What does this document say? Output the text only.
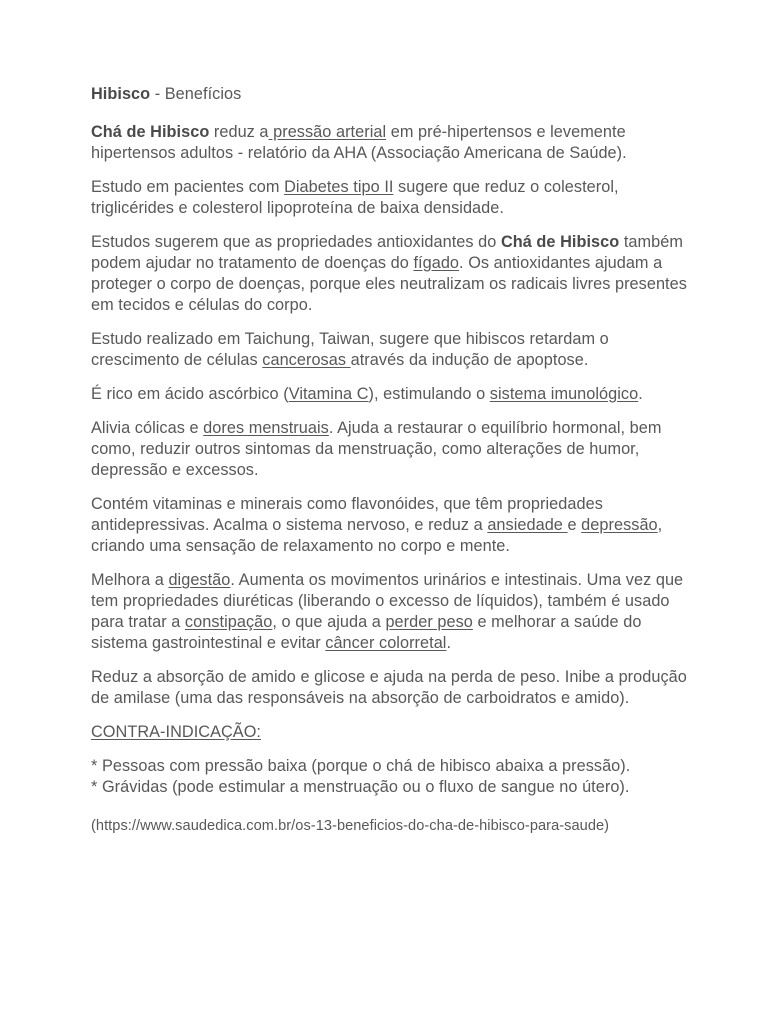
Hibisco - Benefícios

Chá de Hibisco reduz a pressão arterial em pré-hipertensos e levemente hipertensos adultos - relatório da AHA (Associação Americana de Saúde).

Estudo em pacientes com Diabetes tipo II sugere que reduz o colesterol, triglicérides e colesterol lipoproteína de baixa densidade.

Estudos sugerem que as propriedades antioxidantes do Chá de Hibisco também podem ajudar no tratamento de doenças do fígado. Os antioxidantes ajudam a proteger o corpo de doenças, porque eles neutralizam os radicais livres presentes em tecidos e células do corpo.

Estudo realizado em Taichung, Taiwan, sugere que hibiscos retardam o crescimento de células cancerosas através da indução de apoptose.

É rico em ácido ascórbico (Vitamina C), estimulando o sistema imunológico.

Alivia cólicas e dores menstruais. Ajuda a restaurar o equilíbrio hormonal, bem como, reduzir outros sintomas da menstruação, como alterações de humor, depressão e excessos.

Contém vitaminas e minerais como flavonóides, que têm propriedades antidepressivas. Acalma o sistema nervoso, e reduz a ansiedade e depressão, criando uma sensação de relaxamento no corpo e mente.

Melhora a digestão. Aumenta os movimentos urinários e intestinais. Uma vez que tem propriedades diuréticas (liberando o excesso de líquidos), também é usado para tratar a constipação, o que ajuda a perder peso e melhorar a saúde do sistema gastrointestinal e evitar câncer colorretal.

Reduz a absorção de amido e glicose e ajuda na perda de peso. Inibe a produção de amilase (uma das responsáveis na absorção de carboidratos e amido).

CONTRA-INDICAÇÃO:

* Pessoas com pressão baixa (porque o chá de hibisco abaixa a pressão).
* Grávidas (pode estimular a menstruação ou o fluxo de sangue no útero).

(https://www.saudedica.com.br/os-13-beneficios-do-cha-de-hibisco-para-saude)
